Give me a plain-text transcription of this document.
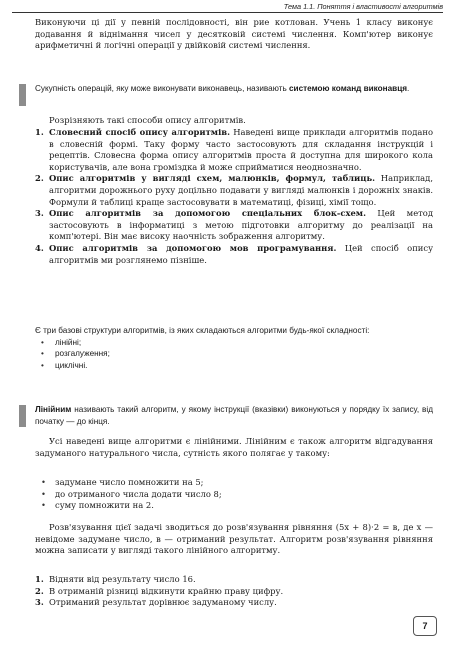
Тема 1.1. Поняття і властивості алгоритмів
Виконуючи ці дії у певній послідовності, він рие котлован. Учень 1 класу виконує додавання й віднімання чисел у десятковій системі числення. Комп'ютер виконує арифметичні й логічні операції у двійковій системі числення.
Сукупність операцій, яку може виконувати виконавець, називають системою команд виконавця.
Розрізняють такі способи опису алгоритмів.
1. Словесний спосіб опису алгоритмів. Наведені вище приклади алгоритмів подано в словесній формі. Таку форму часто застосовують для складання інструкцій і рецептів. Словесна форма опису алгоритмів проста й доступна для широкого кола користувачів, але вона громіздка й може сприйматися неоднозначно.
2. Опис алгоритмів у вигляді схем, малюнків, формул, таблиць. Наприклад, алгоритми дорожнього руху доцільно подавати у вигляді малюнків і дорожніх знаків. Формули й таблиці краще застосовувати в математиці, фізиці, хімії тощо.
3. Опис алгоритмів за допомогою спеціальних блок-схем. Цей метод застосовують в інформатиці з метою підготовки алгоритму до реалізації на комп'ютері. Він має високу наочність зображення алгоритму.
4. Опис алгоритмів за допомогою мов програмування. Цей спосіб опису алгоритмів ми розглянемо пізніше.
Є три базові структури алгоритмів, із яких складаються алгоритми будь-якої складності:
• лінійні;
• розгалуження;
• циклічні.
Лінійним називають такий алгоритм, у якому інструкції (вказівки) виконуються у порядку їх запису, від початку — до кінця.
Усі наведені вище алгоритми є лінійними. Лінійним є також алгоритм відгадування задуманого натурального числа, сутність якого полягає у такому:
• задумане число помножити на 5;
• до отриманого числа додати число 8;
• суму помножити на 2.
Розв'язування цієї задачі зводиться до розв'язування рівняння (5x + 8)·2 = в, де x — невідоме задумане число, в — отриманий результат. Алгоритм розв'язування рівняння можна записати у вигляді такого лінійного алгоритму.
1. Відняти від результату число 16.
2. В отриманій різниці відкинути крайню праву цифру.
3. Отриманий результат дорівнює задуманому числу.
7
